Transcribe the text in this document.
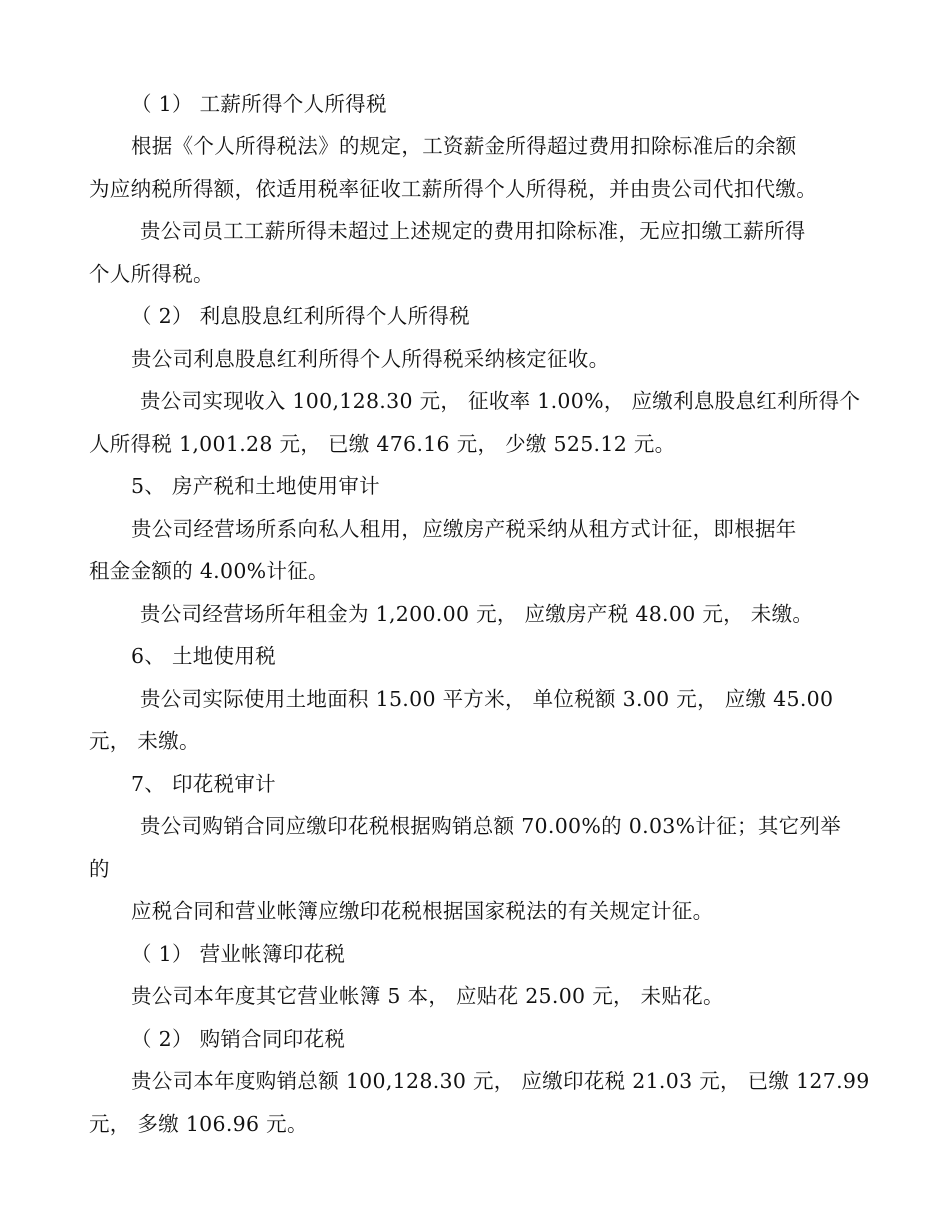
（ 1） 工薪所得个人所得税
根据《个人所得税法》的规定，工资薪金所得超过费用扣除标准后的余额
为应纳税所得额，依适用税率征收工薪所得个人所得税，并由贵公司代扣代缴。
贵公司员工工薪所得未超过上述规定的费用扣除标准，无应扣缴工薪所得
个人所得税。
（ 2） 利息股息红利所得个人所得税
贵公司利息股息红利所得个人所得税采纳核定征收。
贵公司实现收入 100,128.30 元， 征收率 1.00%， 应缴利息股息红利所得个
人所得税 1,001.28 元， 已缴 476.16 元， 少缴 525.12 元。
5、 房产税和土地使用审计
贵公司经营场所系向私人租用，应缴房产税采纳从租方式计征，即根据年
租金金额的 4.00%计征。
贵公司经营场所年租金为 1,200.00 元， 应缴房产税 48.00 元， 未缴。
6、 土地使用税
贵公司实际使用土地面积 15.00 平方米， 单位税额 3.00 元， 应缴 45.00
元， 未缴。
7、 印花税审计
贵公司购销合同应缴印花税根据购销总额 70.00%的 0.03%计征；其它列举
的
应税合同和营业帐簿应缴印花税根据国家税法的有关规定计征。
（ 1） 营业帐簿印花税
贵公司本年度其它营业帐簿 5 本， 应贴花 25.00 元， 未贴花。
（ 2） 购销合同印花税
贵公司本年度购销总额 100,128.30 元， 应缴印花税 21.03 元， 已缴 127.99
元， 多缴 106.96 元。
